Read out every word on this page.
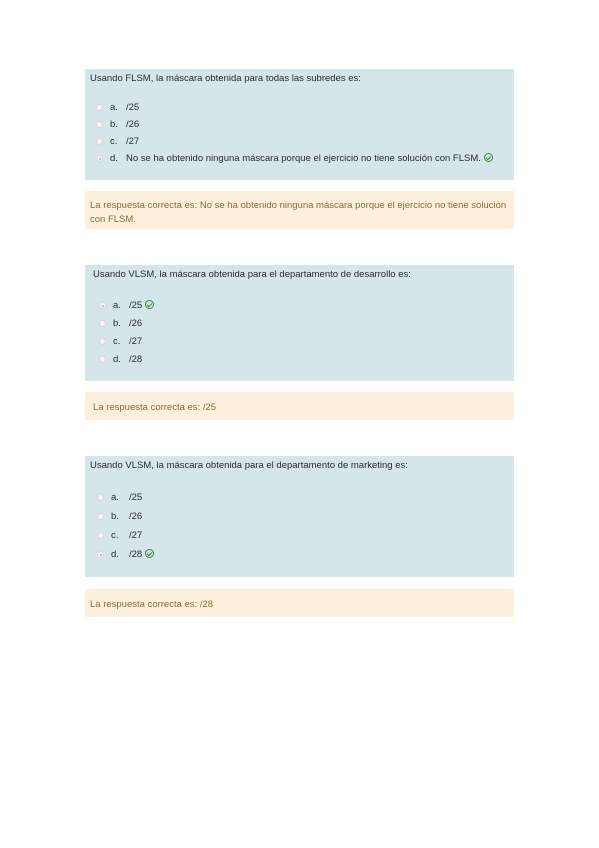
Usando FLSM, la máscara obtenida para todas las subredes es:
a. /25
b. /26
c. /27
d. No se ha obtenido ninguna máscara porque el ejercicio no tiene solución con FLSM.
La respuesta correcta es: No se ha obtenido ninguna máscara porque el ejercicio no tiene solución
con FLSM.
Usando VLSM, la máscara obtenida para el departamento de desarrollo es:
a. /25
b. /26
c. /27
d. /28
La respuesta correcta es: /25
Usando VLSM, la máscara obtenida para el departamento de marketing es:
a. /25
b. /26
c. /27
d. /28
La respuesta correcta es: /28
